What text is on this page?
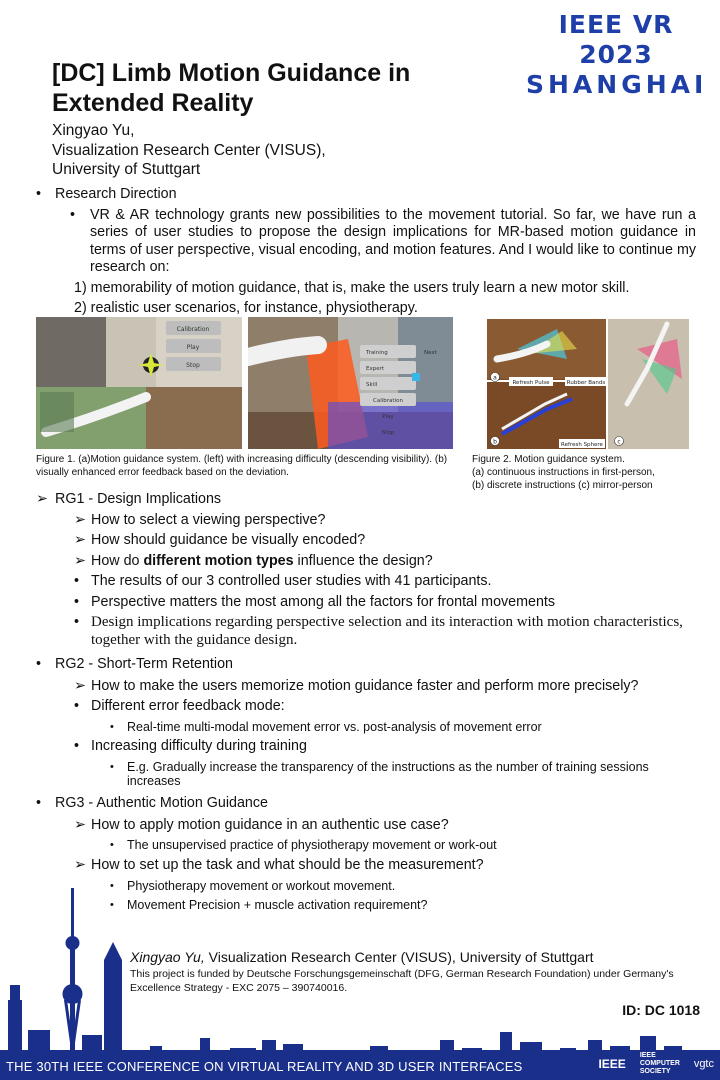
IEEE VR 2023
SHANGHAI
[DC] Limb Motion Guidance in Extended Reality
Xingyao Yu,
Visualization Research Center (VISUS),
University of Stuttgart
• Research Direction
•	VR & AR technology grants new possibilities to the movement tutorial. So far, we have run a series of user studies to propose the design implications for MR-based motion guidance in terms of user perspective, visual encoding, and motion features. And I would like to continue my research on:
1) memorability of motion guidance, that is, make the users truly learn a new motor skill.
2) realistic user scenarios, for instance, physiotherapy.
Calibration
Play
Stop
Training	Next
Expert
Skill
Calibration
Play
Stop
Refresh Pulse	Rubber Bands
Refresh Sphere
a
b	c
Figure 1. (a)Motion guidance system. (left) with increasing difficulty (descending visibility). (b) visually enhanced error feedback based on the deviation.
Figure 2. Motion guidance system.
(a) continuous instructions in first-person,
(b) discrete instructions (c) mirror-person
➢ RG1 - Design Implications
➢ How to select a viewing perspective?
➢ How should guidance be visually encoded?
➢ How do different motion types influence the design?
• The results of our 3 controlled user studies with 41 participants.
• Perspective matters the most among all the factors for frontal movements
• Design implications regarding perspective selection and its interaction with motion characteristics, together with the guidance design.
• RG2 - Short-Term Retention
➢ How to make the users memorize motion guidance faster and perform more precisely?
• Different error feedback mode:
•	Real-time multi-modal movement error vs. post-analysis of movement error
• Increasing difficulty during training
•	E.g. Gradually increase the transparency of the instructions as the number of training sessions increases
• RG3 - Authentic Motion Guidance
➢ How to apply motion guidance in an authentic use case?
•	The unsupervised practice of physiotherapy movement or work-out
➢ How to set up the task and what should be the measurement?
•	Physiotherapy movement or workout movement.
•	Movement Precision + muscle activation requirement?
THE 30TH IEEE CONFERENCE ON VIRTUAL REALITY AND 3D USER INTERFACES	IEEE
IEEE COMPUTER SOCIETY
vgtc
Xingyao Yu, Visualization Research Center (VISUS), University of Stuttgart
This project is funded by Deutsche Forschungsgemeinschaft (DFG, German Research Foundation) under Germany's Excellence Strategy - EXC 2075 – 390740016.
ID: DC 1018
